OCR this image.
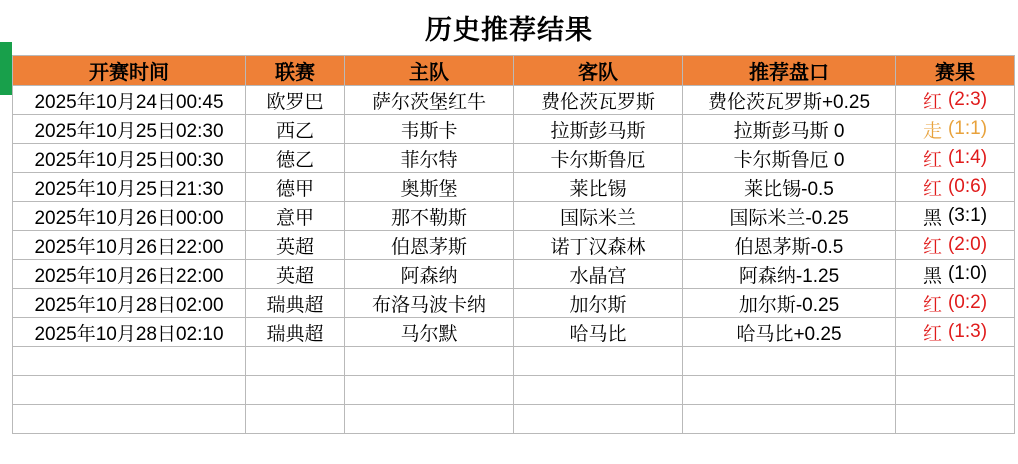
历史推荐结果
开赛时间	联赛	主队	客队	推荐盘口	赛果
2025年10月24日00:45	欧罗巴	萨尔茨堡红牛	费伦茨瓦罗斯	费伦茨瓦罗斯+0.25	红 (2:3)

2025年10月25日02:30	西乙	韦斯卡	拉斯彭马斯	拉斯彭马斯 0	走 (1:1)

2025年10月25日00:30	德乙	菲尔特	卡尔斯鲁厄	卡尔斯鲁厄 0	红 (1:4)

2025年10月25日21:30	德甲	奥斯堡	莱比锡	莱比锡-0.5	红 (0:6)

2025年10月26日00:00	意甲	那不勒斯	国际米兰	国际米兰-0.25	黑 (3:1)

2025年10月26日22:00	英超	伯恩茅斯	诺丁汉森林	伯恩茅斯-0.5	红 (2:0)

2025年10月26日22:00	英超	阿森纳	水晶宫	阿森纳-1.25	黑 (1:0)

2025年10月28日02:00	瑞典超	布洛马波卡纳	加尔斯	加尔斯-0.25	红 (0:2)

2025年10月28日02:10	瑞典超	马尔默	哈马比	哈马比+0.25	红 (1:3)
